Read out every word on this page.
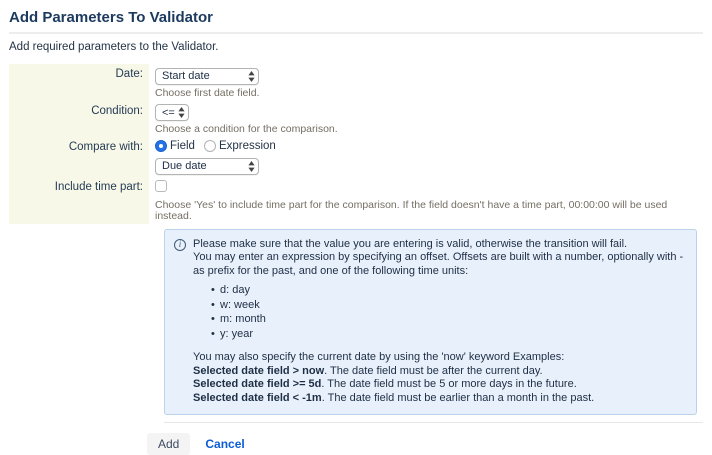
Add Parameters To Validator

Add required parameters to the Validator.

Date:	Start date
Choose first date field.
Condition:	<=
Choose a condition for the comparison.
Compare with:	Field Expression
Due date
Include time part:
Choose 'Yes' to include time part for the comparison. If the field doesn't have a time part, 00:00:00 will be used instead.
i

Please make sure that the value you are entering is valid, otherwise the transition will fail.

You may enter an expression by specifying an offset. Offsets are built with a number, optionally with - as prefix for the past, and one of the following time units:

• d: day
• w: week
• m: month
• y: year

You may also specify the current date by using the 'now' keyword Examples:

Selected date field > now. The date field must be after the current day.

Selected date field >= 5d. The date field must be 5 or more days in the future.

Selected date field < -1m. The date field must be earlier than a month in the past.

Add	Cancel
